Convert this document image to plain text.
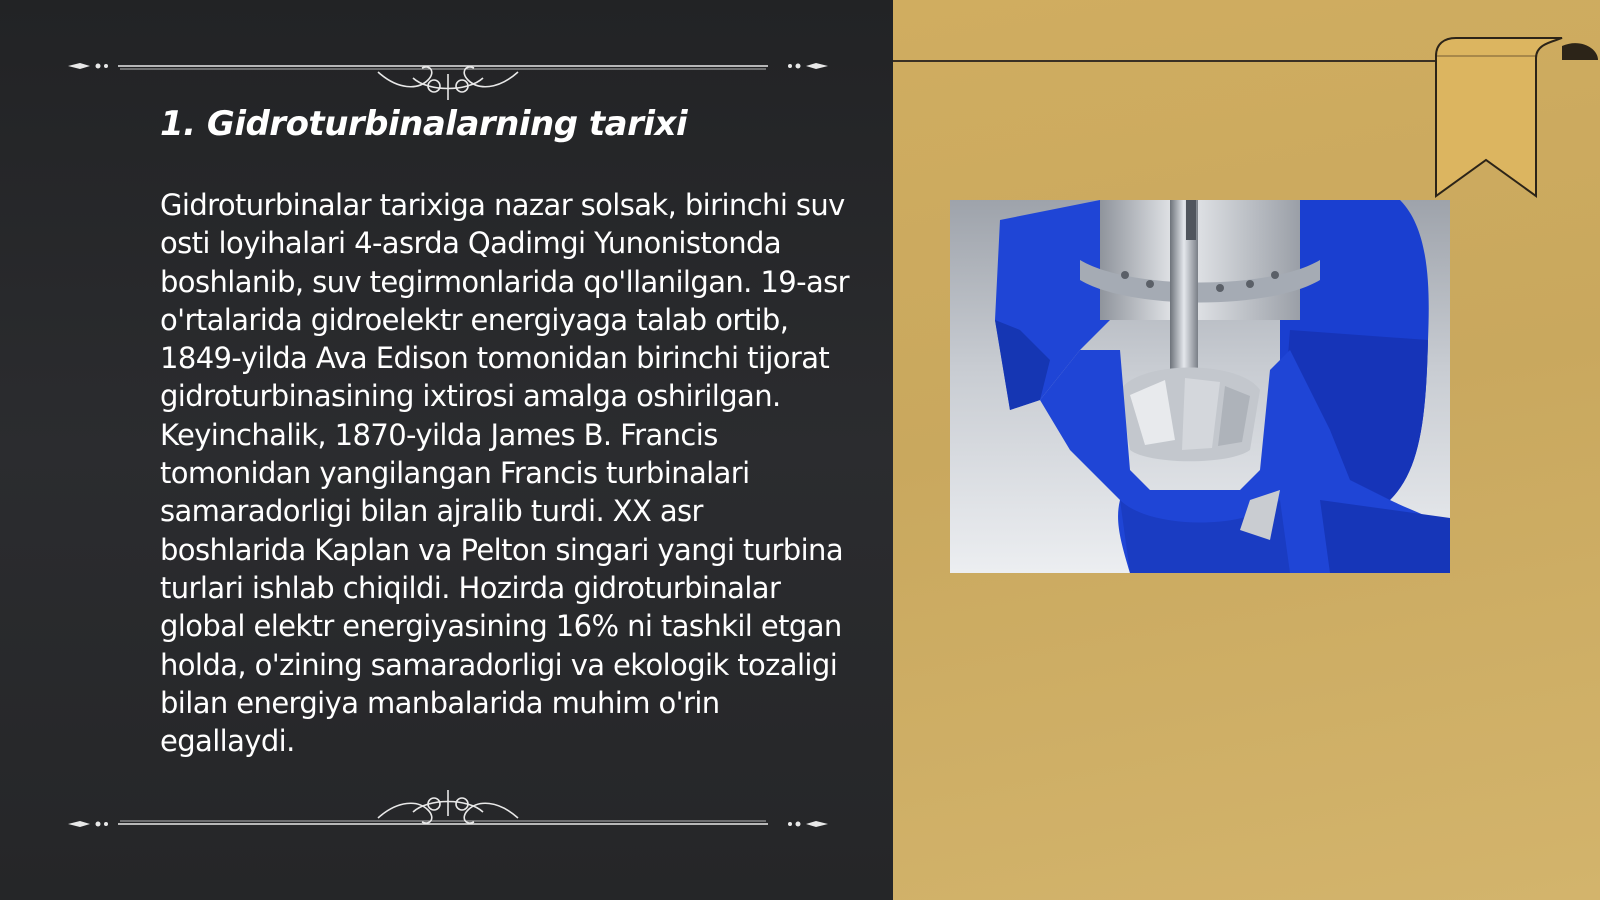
1. Gidroturbinalarning tarixi

Gidroturbinalar tarixiga nazar solsak, birinchi suv osti loyihalari 4-asrda Qadimgi Yunonistonda boshlanib, suv tegirmonlarida qo'llanilgan. 19-asr o'rtalarida gidroelektr energiyaga talab ortib, 1849-yilda Ava Edison tomonidan birinchi tijorat gidroturbinasining ixtirosi amalga oshirilgan. Keyinchalik, 1870-yilda James B. Francis tomonidan yangilangan Francis turbinalari samaradorligi bilan ajralib turdi. XX asr boshlarida Kaplan va Pelton singari yangi turbina turlari ishlab chiqildi. Hozirda gidroturbinalar global elektr energiyasining 16% ni tashkil etgan holda, o'zining samaradorligi va ekologik tozaligi bilan energiya manbalarida muhim o'rin egallaydi.
